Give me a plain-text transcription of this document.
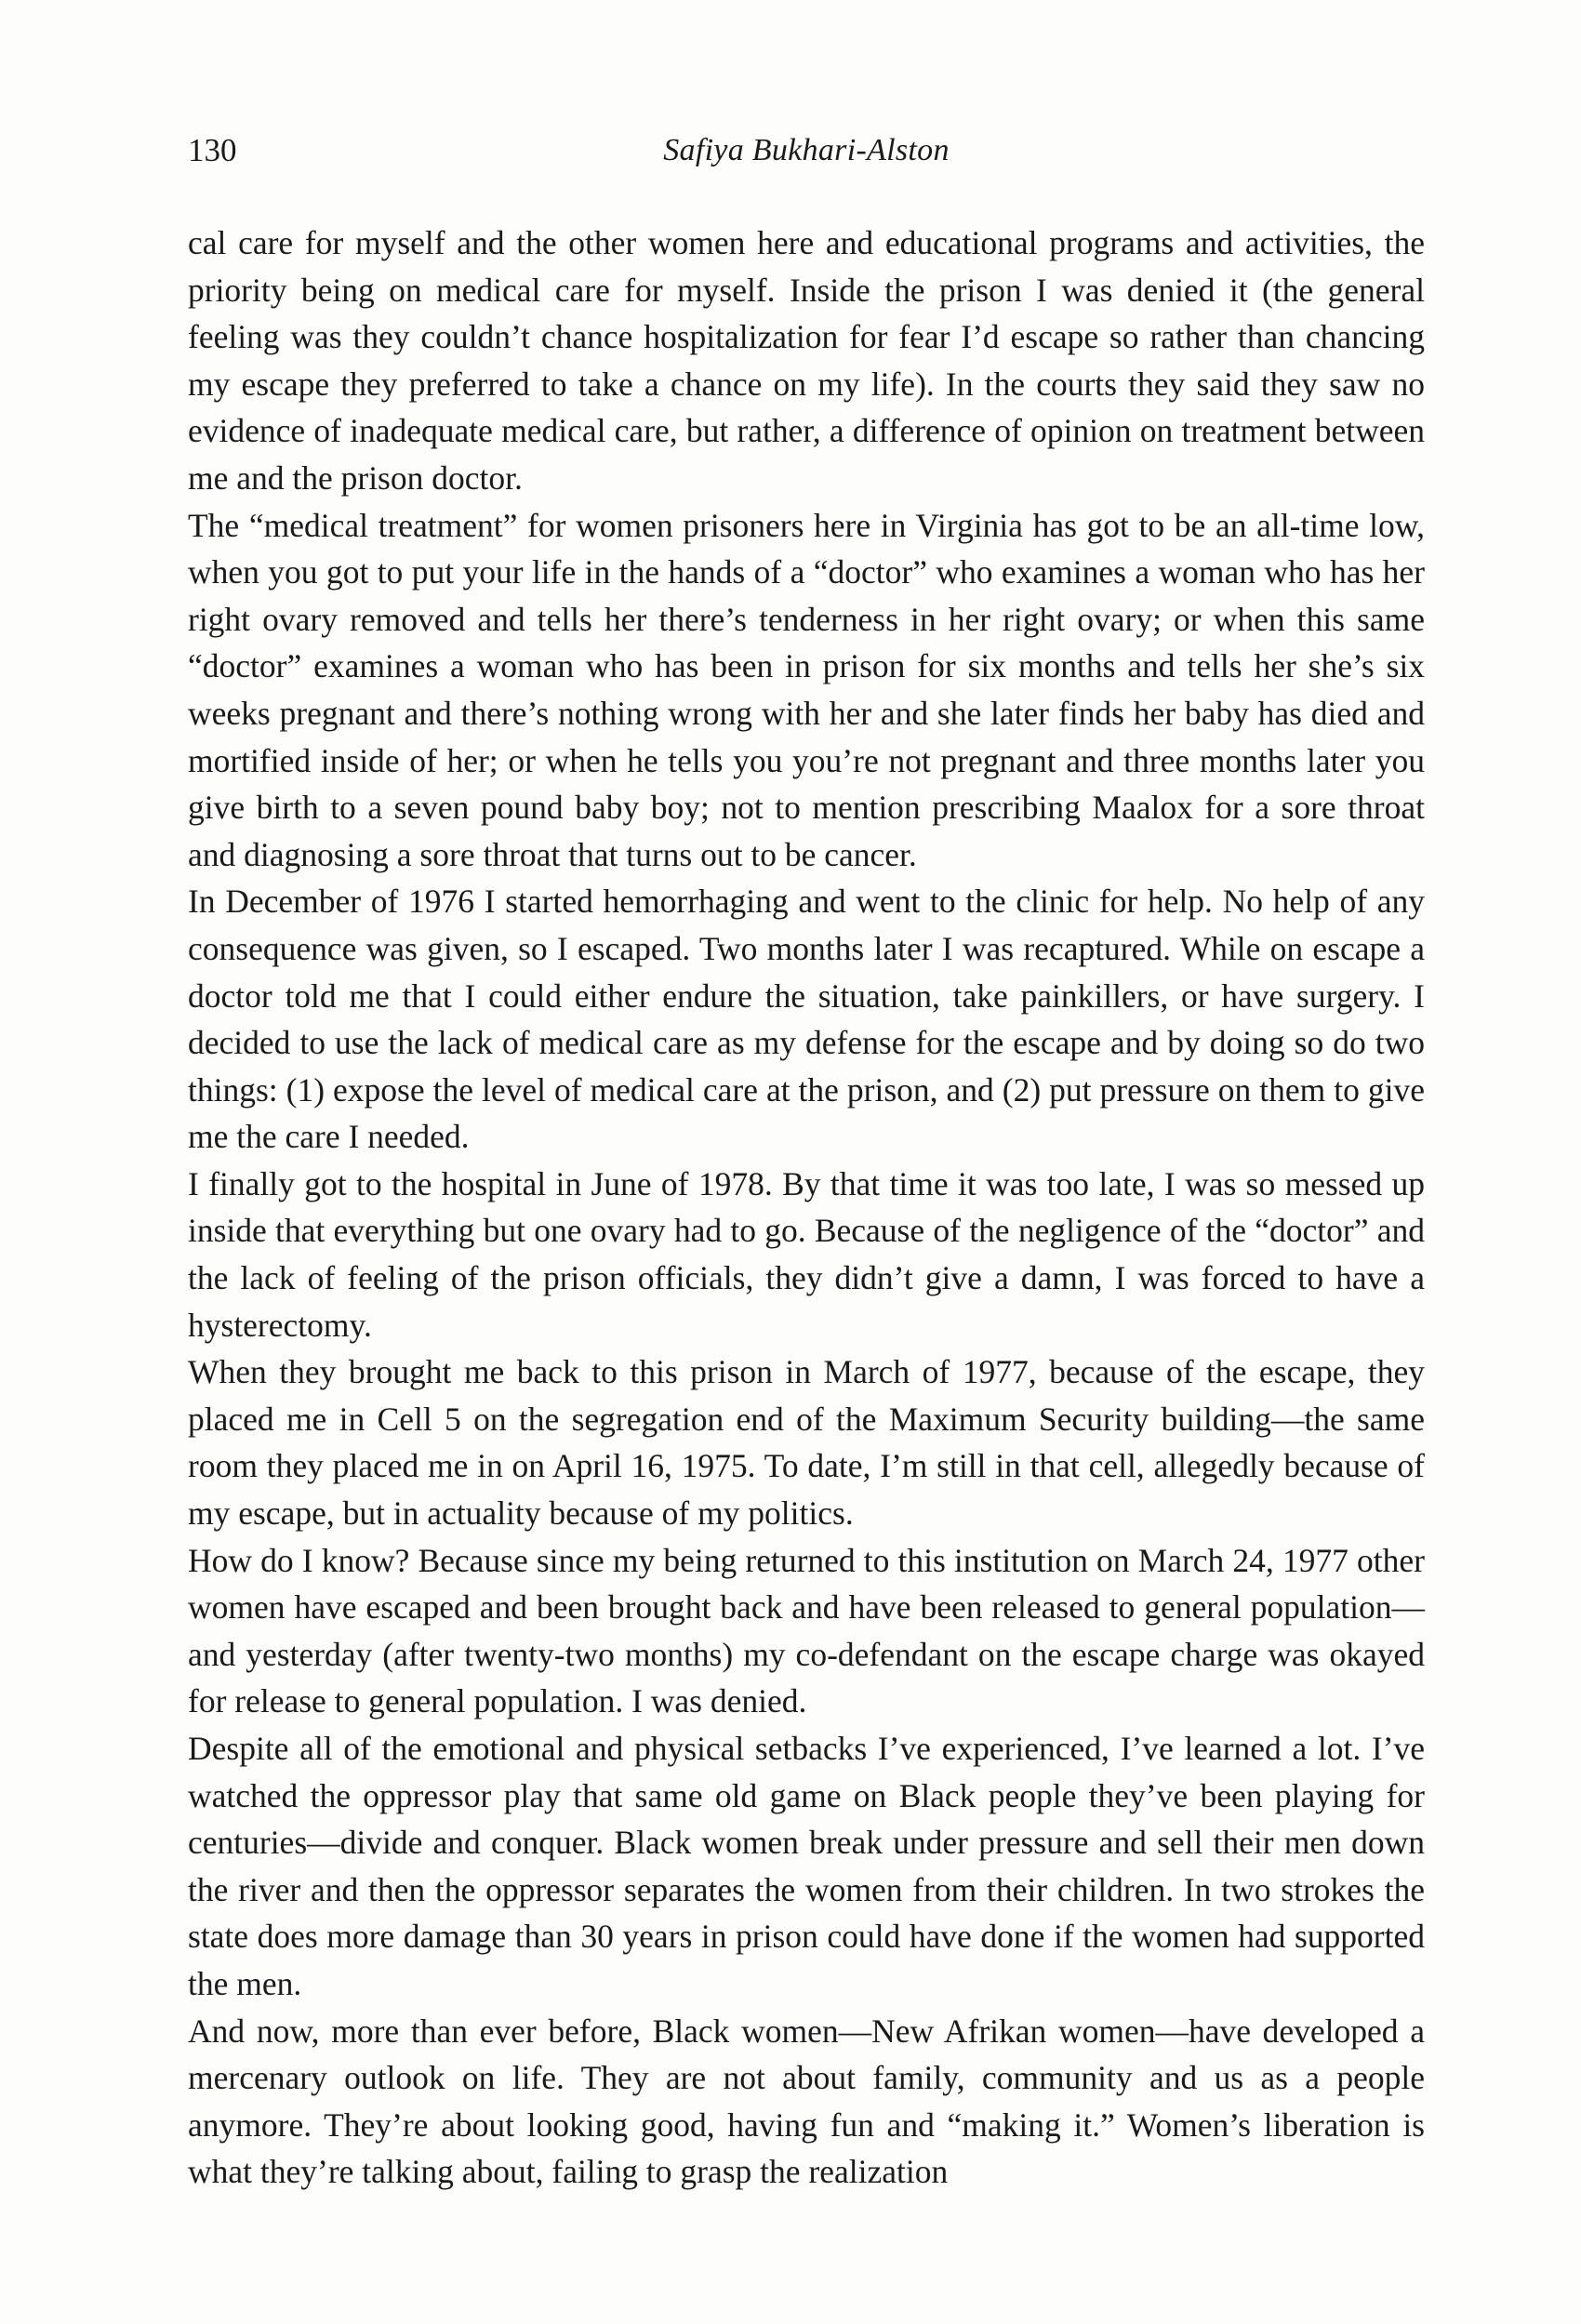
130	Safiya Bukhari-Alston

cal care for myself and the other women here and educational programs and activities, the priority being on medical care for myself. Inside the prison I was denied it (the general feeling was they couldn’t chance hospitalization for fear I’d escape so rather than chancing my escape they preferred to take a chance on my life). In the courts they said they saw no evidence of inadequate medical care, but rather, a difference of opinion on treatment between me and the prison doctor.

The “medical treatment” for women prisoners here in Virginia has got to be an all-time low, when you got to put your life in the hands of a “doctor” who examines a woman who has her right ovary removed and tells her there’s tenderness in her right ovary; or when this same “doctor” examines a woman who has been in prison for six months and tells her she’s six weeks pregnant and there’s nothing wrong with her and she later finds her baby has died and mortified inside of her; or when he tells you you’re not pregnant and three months later you give birth to a seven pound baby boy; not to mention prescribing Maalox for a sore throat and diagnosing a sore throat that turns out to be cancer.

In December of 1976 I started hemorrhaging and went to the clinic for help. No help of any consequence was given, so I escaped. Two months later I was recaptured. While on escape a doctor told me that I could either endure the situation, take painkillers, or have surgery. I decided to use the lack of medical care as my defense for the escape and by doing so do two things: (1) expose the level of medical care at the prison, and (2) put pressure on them to give me the care I needed.

I finally got to the hospital in June of 1978. By that time it was too late, I was so messed up inside that everything but one ovary had to go. Because of the negligence of the “doctor” and the lack of feeling of the prison officials, they didn’t give a damn, I was forced to have a hysterectomy.

When they brought me back to this prison in March of 1977, because of the escape, they placed me in Cell 5 on the segregation end of the Maximum Security building—the same room they placed me in on April 16, 1975. To date, I’m still in that cell, allegedly because of my escape, but in actuality because of my politics.

How do I know? Because since my being returned to this institution on March 24, 1977 other women have escaped and been brought back and have been released to general population—and yesterday (after twenty-two months) my co-defendant on the escape charge was okayed for release to general population. I was denied.

Despite all of the emotional and physical setbacks I’ve experienced, I’ve learned a lot. I’ve watched the oppressor play that same old game on Black people they’ve been playing for centuries—divide and conquer. Black women break under pressure and sell their men down the river and then the oppressor separates the women from their children. In two strokes the state does more damage than 30 years in prison could have done if the women had supported the men.

And now, more than ever before, Black women—New Afrikan women—have developed a mercenary outlook on life. They are not about family, community and us as a people anymore. They’re about looking good, having fun and “making it.” Women’s liberation is what they’re talking about, failing to grasp the realization
